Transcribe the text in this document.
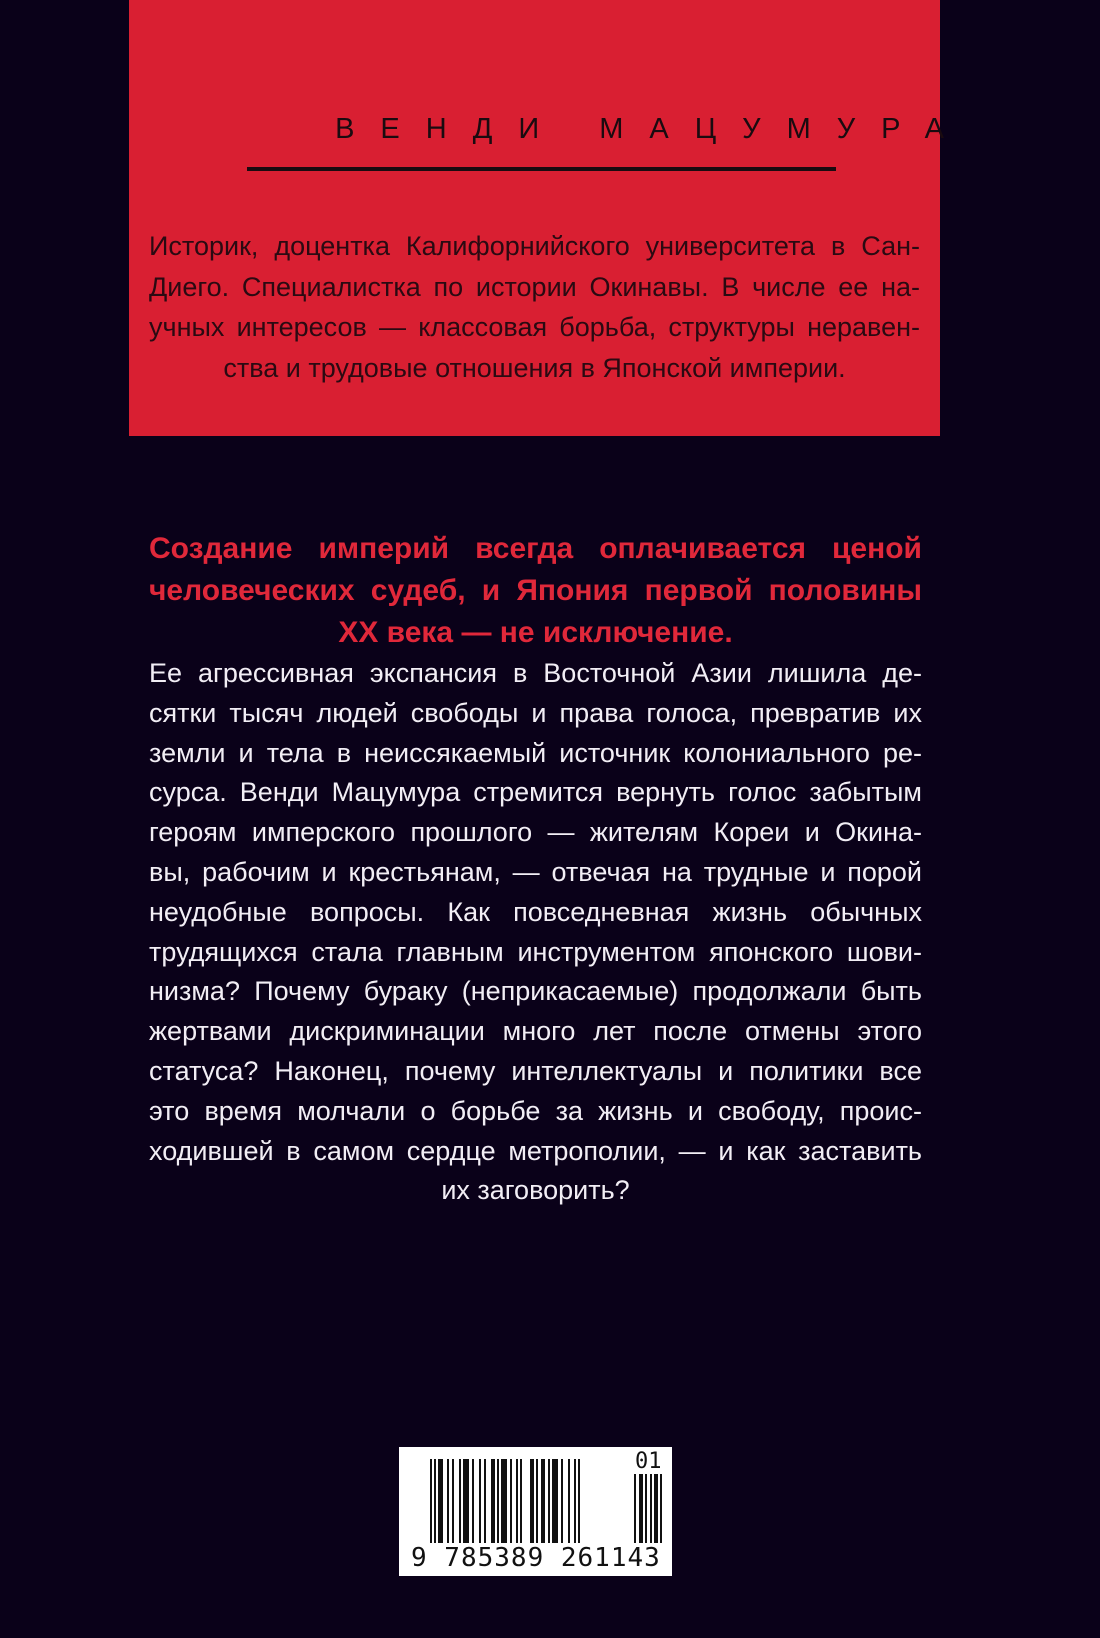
ВЕНДИ МАЦУМУРА
Историк, доцентка Калифорнийского университета в Сан-
Диего. Специалистка по истории Окинавы. В числе ее на-
учных интересов — классовая борьба, структуры неравен-
ства и трудовые отношения в Японской империи.
Создание империй всегда оплачивается ценой
человеческих судеб, и Япония первой половины
XX века — не исключение.
Ее агрессивная экспансия в Восточной Азии лишила де-
сятки тысяч людей свободы и права голоса, превратив их
земли и тела в неиссякаемый источник колониального ре-
сурса. Венди Мацумура стремится вернуть голос забытым
героям имперского прошлого — жителям Кореи и Окина-
вы, рабочим и крестьянам, — отвечая на трудные и порой
неудобные вопросы. Как повседневная жизнь обычных
трудящихся стала главным инструментом японского шови-
низма? Почему бураку (неприкасаемые) продолжали быть
жертвами дискриминации много лет после отмены этого
статуса? Наконец, почему интеллектуалы и политики все
это время молчали о борьбе за жизнь и свободу, проис-
ходившей в самом сердце метрополии, — и как заставить
их заговорить?
9 785389 261143
01
